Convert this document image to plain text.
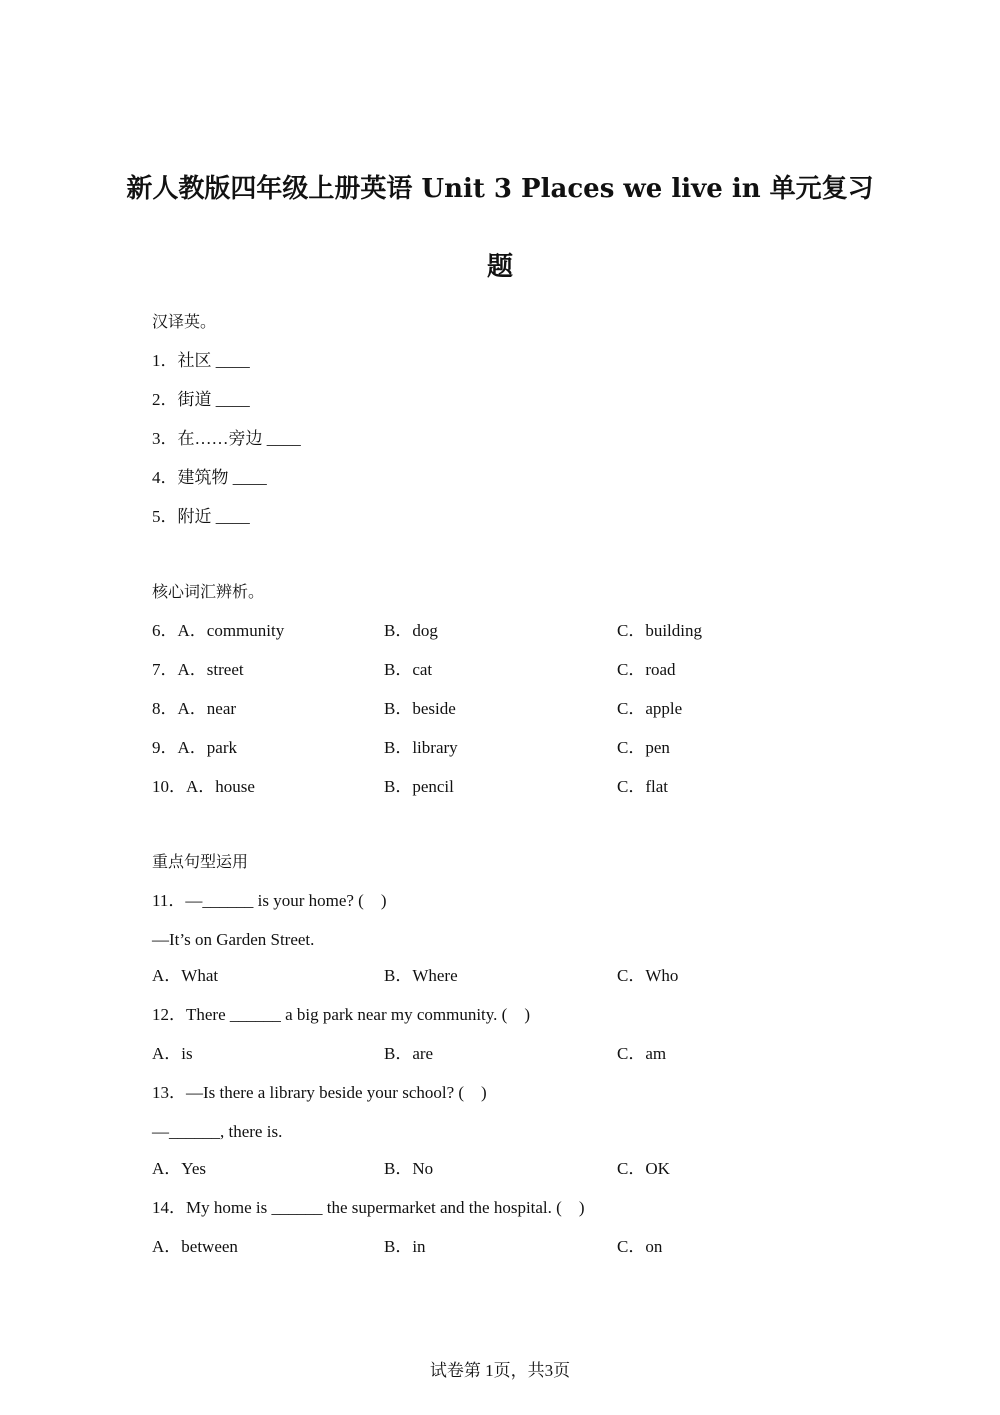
新人教版四年级上册英语 Unit 3 Places we live in 单元复习
题
汉译英。
1．社区 ____
2．街道 ____
3．在……旁边 ____
4．建筑物 ____
5．附近 ____
核心词汇辨析。
6．A．community	B．dog	C．building
7．A．street	B．cat	C．road
8．A．near	B．beside	C．apple
9．A．park	B．library	C．pen
10．A．house	B．pencil	C．flat
重点句型运用
11．—______ is your home? (　)
—It’s on Garden Street.
A．What	B．Where	C．Who
12．There ______ a big park near my community. (　)
A．is	B．are	C．am
13．—Is there a library beside your school? (　)
—______, there is.
A．Yes	B．No	C．OK
14．My home is ______ the supermarket and the hospital. (　)
A．between	B．in	C．on
试卷第 1页，共3页
